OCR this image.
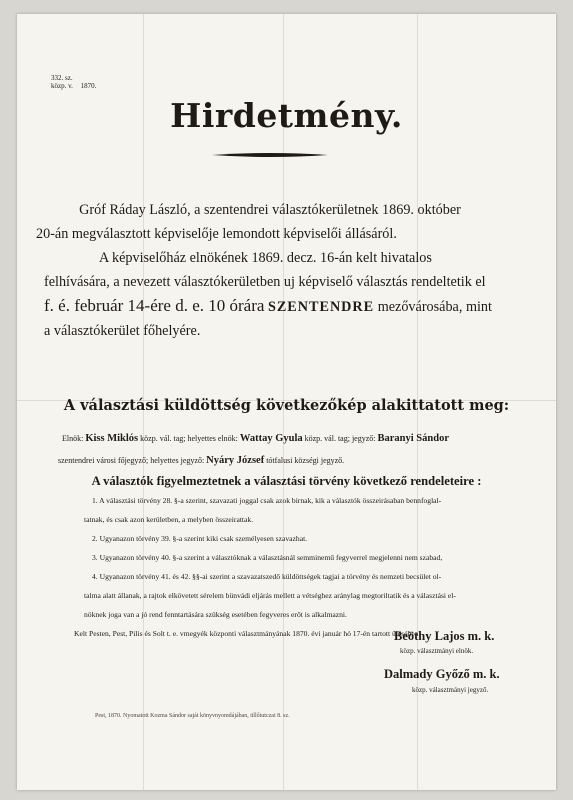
332. sz.
közp. v. 1870.
Hirdetmény.

Gróf Ráday László, a szentendrei választókerületnek 1869. október

20-án megválasztott képviselője lemondott képviselői állásáról.

A képviselőház elnökének 1869. decz. 16-án kelt hivatalos felhívására, a nevezett választókerületben uj képviselő választás rendeltetik el f. é. február 14-ére d. e. 10 órára SZENTENDRE mezővárosába, mint a választókerület főhelyére.

A választási küldöttség következőkép alakittatott meg:
Elnök: Kiss Miklós közp. vál. tag; helyettes elnök: Wattay Gyula közp. vál. tag; jegyző: Baranyi Sándor
szentendrei városi főjegyző; helyettes jegyző: Nyáry József tótfalusi községi jegyző.
A választók figyelmeztetnek a választási törvény következő rendeleteire :
1. A választási törvény 28. §-a szerint, szavazati joggal csak azok birnak, kik a választók összeirásaban bennfoglal-
tatnak, és csak azon kerületben, a melyben összeirattak.
2. Ugyanazon törvény 39. §-a szerint kiki csak személyesen szavazhat.
3. Ugyanazon törvény 40. §-a szerint a választóknak a választásnál semminemű fegyverrel megjelenni nem szabad,
4. Ugyanazon törvény 41. és 42. §§-ai szerint a szavazatszedő küldöttségek tagjai a törvény és nemzeti becsület ol-
talma alatt állanak, a rajtok elkövetett sérelem bünvádi eljárás mellett a vétséghez aránylag megtoriltatik és a választási el-
nöknek joga van a jó rend fenntartására szükség esetében fegyveres erőt is alkalmazni.
Kelt Pesten, Pest, Pilis és Solt t. e. vmegyék központi választmányának 1870. évi január hó 17-én tartott ülésében.
Beöthy Lajos m. k.
közp. választmányi elnök.
Dalmady Győző m. k.
közp. választmányi jegyző.
Pest, 1870. Nyomatott Kozma Sándor saját könyvnyomdájában, üllőiutczai 8. sz.
